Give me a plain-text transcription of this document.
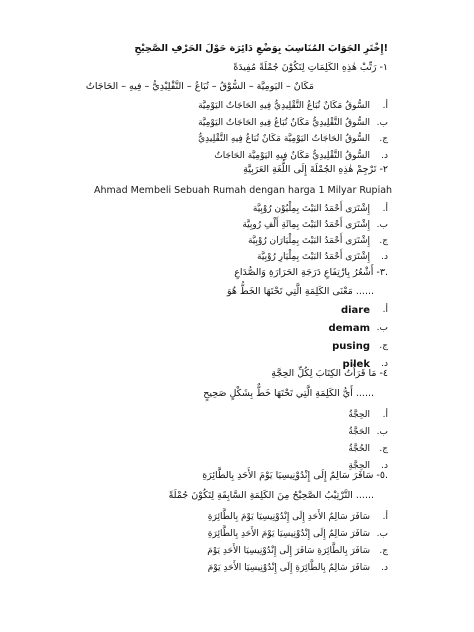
إِخْتَرِ الجَوَابَ المُنَاسِبَ بِوَضْعِ دَائِرَة حَوْلَ الحَرْفِ الصَّحِيْحِ!
١- رَتِّبْ هٰذِهِ الكَلِمَاتِ لِتَكُوْنَ جُمْلَةً مُفِيدَةً
مَكَانٌ – اليَومِيَّة – السُّوْقُ – تُبَاعُ – التَّقْلِيْدِيُّ – فِيهِ – الحَاجَاتُ
أ.
السُّوقُ مَكَانٌ تُبَاعُ التَّقْلِيدِيُّ فِيهِ الحَاجَاتُ اليَوْمِيَّة
ب.
السُّوقُ التَّقْلِيدِيُّ مَكَانٌ تُبَاعُ فِيهِ الحَاجَاتُ اليَوْمِيَّة
ج.
السُّوقُ الحَاجَاتُ اليَوْمِيَّة مَكَانٌ تُبَاعُ فِيهِ التَّقْلِيدِيُّ
د.
السُّوقُ التَّقْلِيدِيُّ مَكَانٌ فِيهِ اليَوْمِيَّة الحَاجَاتُ
٢- تَرْجِمْ هٰذِهِ الجُمْلَةَ إِلَى اللُّغَةِ العَرَبِيَّةِ
Ahmad Membeli Sebuah Rumah dengan harga 1 Milyar Rupiah
أ.
إِشْتَرَى أَحْمَدُ البَيْتَ بِمِلْيُوْن رُوْبِيَّة
ب.
إِشْتَرَى أَحْمَدُ البَيْتَ بِمِائَةِ أَلْفِ رُوبِيَّة
ج.
إِشْتَرَى أَحْمَدُ البَيْتَ بِمِلْيَارَان رُوْبِيَّة
د.
إِشْتَرَى أَحْمَدُ البَيْتَ بِمِلْيَارِ رُوْبِيَّة
٣- أَشْعُرُ بِارْتِفَاعِ دَرَجَةِ الحَرَارَةِ وَالصُّدَاعِ.
مَعْنَى الكَلِمَةِ الَّتِي تَحْتَهَا الخَطُّ هُوَ ......
أ.
diare
ب.
demam
ج.
pusing
د.
pilek
٤- مَا قَرَأْتُ الكِتَابَ لِكُلِّ الحِجَّةِ
أَيُّ الكَلِمَةِ الَّتِي تَحْتَهَا خَطٌّ بِشَكْلٍ صَحِيحٍ ......
أ.
الحِجَّةُ
ب.
الحَجَّةُ
ج.
الحُجَّةُ
د.
الحِجَّةِ
٥- سَافَرَ سَالِمٌ إِلَى إِنْدُوْنِيسِيَا يَوْمَ الأَحَدِ بِالطَّائِرَةِ.
التَّرْتِيْبُ الصَّحِيْحُ مِنَ الكَلِمَةِ السَّابِقَةِ لِتَكُوْنَ جُمْلَةً ......
أ.
سَافَرَ سَالِمٌ الأَحَدِ إِلَى إِنْدُوْنِيسِيَا يَوْمَ بِالطَّائِرَةِ
ب.
سَافَرَ سَالِمٌ إِلَى إِنْدُوْنِيسِيَا يَوْمَ الأَحَدِ بِالطَّائِرَةِ
ج.
سَافَرَ بِالطَّائِرَةِ سَافَرَ إِلَى إِنْدُوْنِيسِيَا الأَحَدِ يَوْمَ
د.
سَافَرَ سَالِمٌ بِالطَّائِرَةِ إِلَى إِنْدُوْنِيسِيَا الأَحَدِ يَوْمَ
